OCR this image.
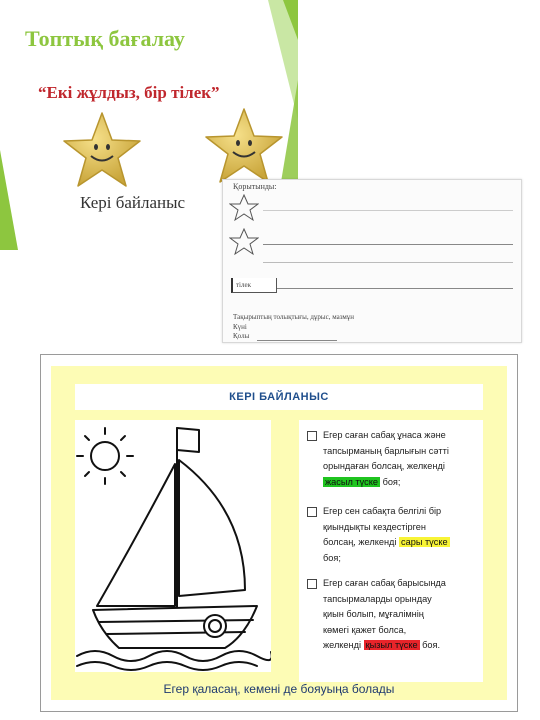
Топтық бағалау
“Екі жұлдыз, бір тілек”
Кері байланыс
Қорытынды:
тілек
Тақырыптың толықтығы, дұрыс, мазмұн
Күні
Қолы
КЕРІ БАЙЛАНЫС
Егер саған сабақ ұнаса және
тапсырманың барлығын сәтті
орындаған болсаң, желкенді
жасыл түске боя;
Егер сен сабақта белгілі бір
қиындықты кездестірген
болсаң, желкенді сары түске
боя;
Егер саған сабақ барысында
тапсырмаларды орындау
қиын болып, мұғалімнің
көмегі қажет болса,
желкенді қызыл түске боя.
Егер қаласаң, кемені де бояуыңа болады
